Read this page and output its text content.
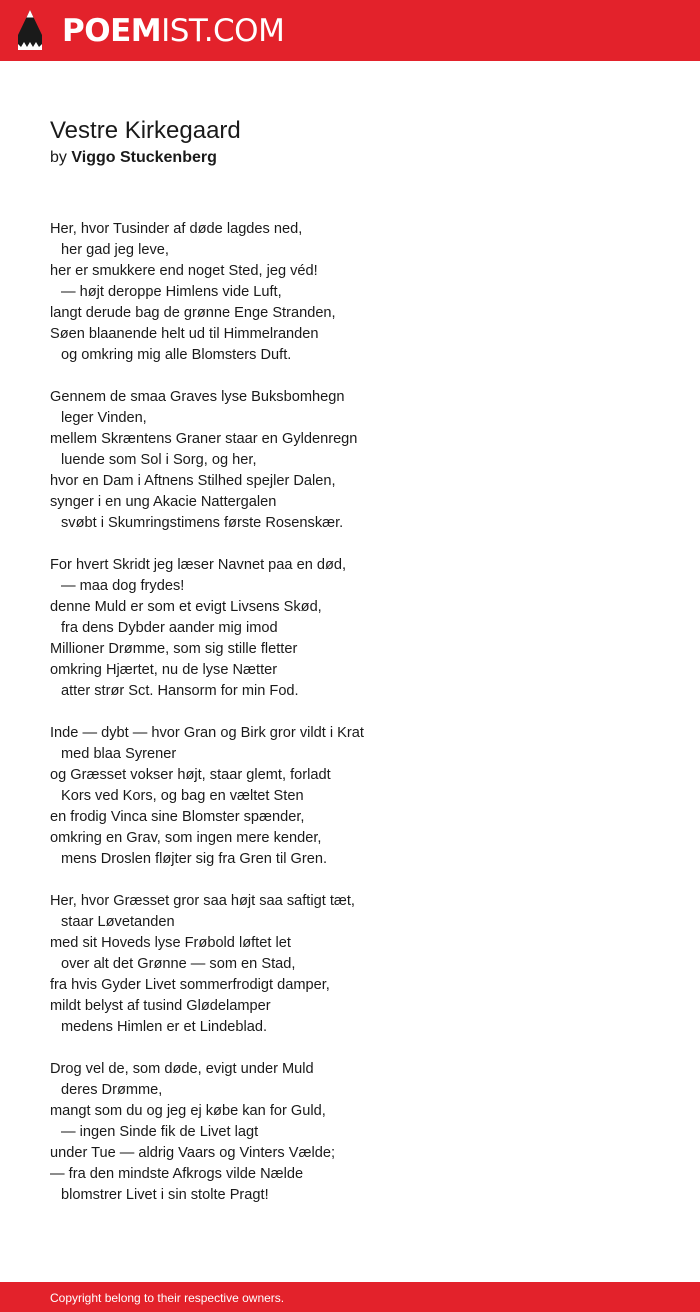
POEMIST.COM
Vestre Kirkegaard
by Viggo Stuckenberg
Her, hvor Tusinder af døde lagdes ned,
her gad jeg leve,
her er smukkere end noget Sted, jeg véd!
— højt deroppe Himlens vide Luft,
langt derude bag de grønne Enge Stranden,
Søen blaanende helt ud til Himmelranden
og omkring mig alle Blomsters Duft.
Gennem de smaa Graves lyse Buksbomhegn
leger Vinden,
mellem Skræntens Graner staar en Gyldenregn
luende som Sol i Sorg, og her,
hvor en Dam i Aftnens Stilhed spejler Dalen,
synger i en ung Akacie Nattergalen
svøbt i Skumringstimens første Rosenskær.
For hvert Skridt jeg læser Navnet paa en død,
— maa dog frydes!
denne Muld er som et evigt Livsens Skød,
fra dens Dybder aander mig imod
Millioner Drømme, som sig stille fletter
omkring Hjærtet, nu de lyse Nætter
atter strør Sct. Hansorm for min Fod.
Inde — dybt — hvor Gran og Birk gror vildt i Krat
med blaa Syrener
og Græsset vokser højt, staar glemt, forladt
Kors ved Kors, og bag en væltet Sten
en frodig Vinca sine Blomster spænder,
omkring en Grav, som ingen mere kender,
mens Droslen fløjter sig fra Gren til Gren.
Her, hvor Græsset gror saa højt saa saftigt tæt,
staar Løvetanden
med sit Hoveds lyse Frøbold løftet let
over alt det Grønne — som en Stad,
fra hvis Gyder Livet sommerfrodigt damper,
mildt belyst af tusind Glødelamper
medens Himlen er et Lindeblad.
Drog vel de, som døde, evigt under Muld
deres Drømme,
mangt som du og jeg ej købe kan for Guld,
— ingen Sinde fik de Livet lagt
under Tue — aldrig Vaars og Vinters Vælde;
— fra den mindste Afkrogs vilde Nælde
blomstrer Livet i sin stolte Pragt!
Copyright belong to their respective owners.
